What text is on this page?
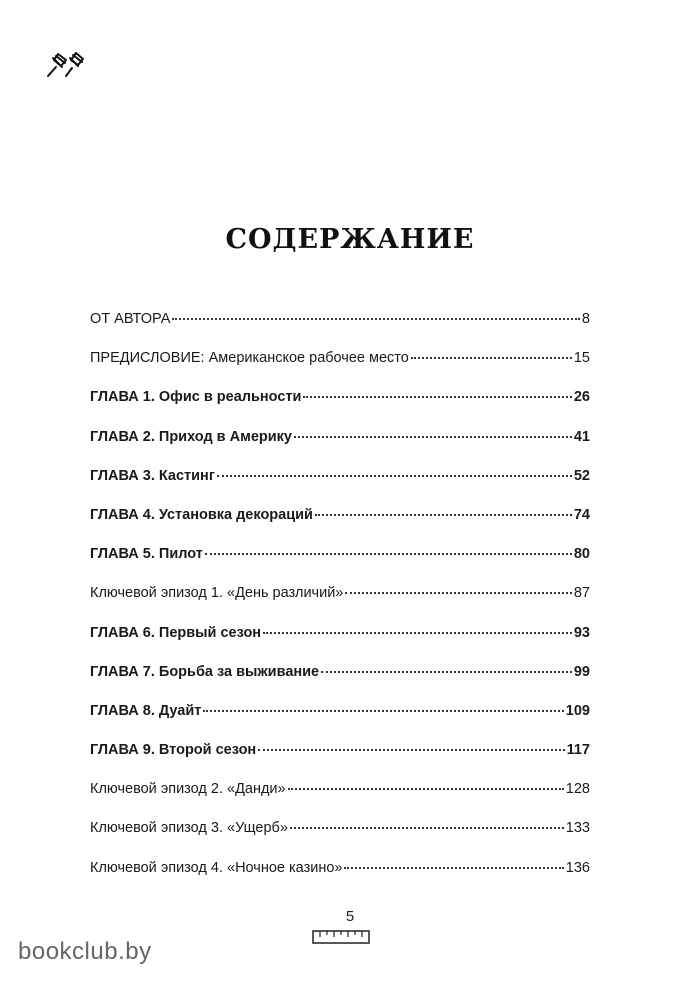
СОДЕРЖАНИЕ
ОТ АВТОРА	8
ПРЕДИСЛОВИЕ: Американское рабочее место	15
ГЛАВА 1. Офис в реальности	26
ГЛАВА 2. Приход в Америку	41
ГЛАВА 3. Кастинг	52
ГЛАВА 4. Установка декораций	74
ГЛАВА 5. Пилот	80
Ключевой эпизод 1. «День различий»	87
ГЛАВА 6. Первый сезон	93
ГЛАВА 7. Борьба за выживание	99
ГЛАВА 8. Дуайт	109
ГЛАВА 9. Второй сезон	117
Ключевой эпизод 2. «Данди»	128
Ключевой эпизод 3. «Ущерб»	133
Ключевой эпизод 4. «Ночное казино»	136
5
bookclub.by
